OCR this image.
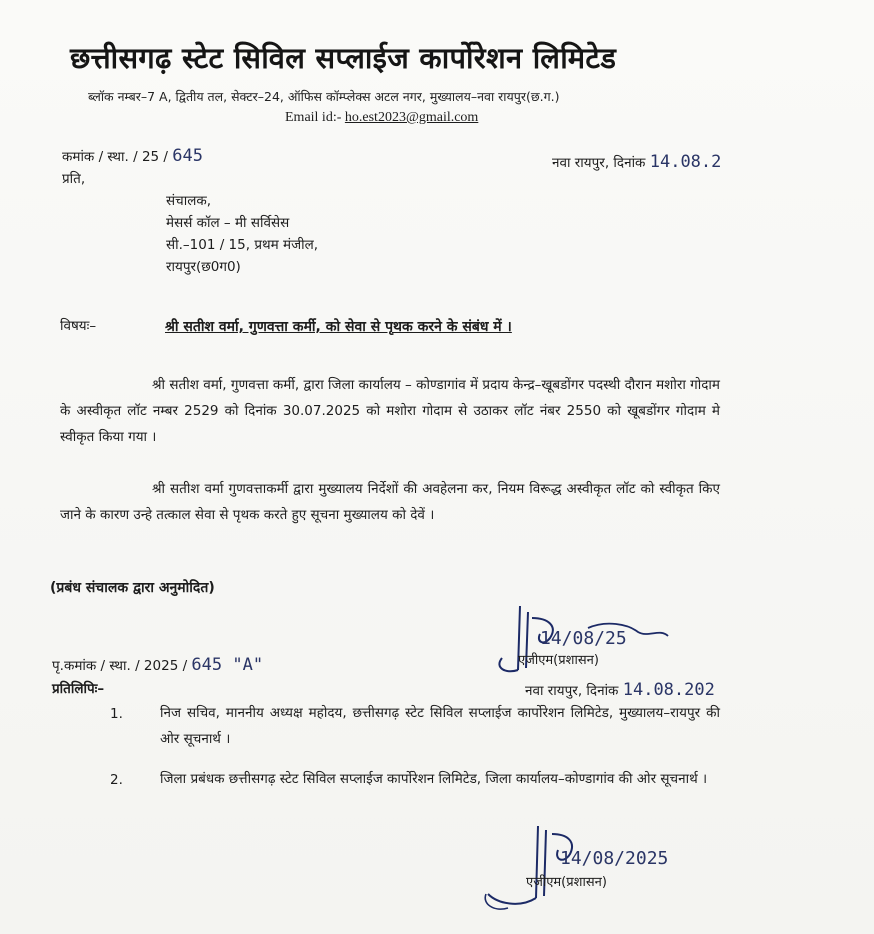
छत्तीसगढ़ स्टेट सिविल सप्लाईज कार्पोरेशन लिमिटेड
ब्लॉक नम्बर–7 A, द्वितीय तल, सेक्टर–24, ऑफिस कॉम्प्लेक्स अटल नगर, मुख्यालय–नवा रायपुर(छ.ग.)
Email id:- ho.est2023@gmail.com
कमांक / स्था. / 25 / 645	नवा रायपुर, दिनांक 14.08.2
प्रति,
संचालक,
मेसर्स कॉल – मी सर्विसेस
सी.–101 / 15, प्रथम मंजील,
रायपुर(छ0ग0)
विषयः–	श्री सतीश वर्मा, गुणवत्ता कर्मी, को सेवा से पृथक करने के संबंध में ।
श्री सतीश वर्मा, गुणवत्ता कर्मी, द्वारा जिला कार्यालय – कोण्डागांव में प्रदाय केन्द्र–खूबडोंगर पदस्थी दौरान मशोरा गोदाम के अस्वीकृत लॉट नम्बर 2529 को दिनांक 30.07.2025 को मशोरा गोदाम से उठाकर लॉट नंबर 2550 को खूबडोंगर गोदाम मे स्वीकृत किया गया ।
श्री सतीश वर्मा गुणवत्ताकर्मी द्वारा मुख्यालय निर्देशों की अवहेलना कर, नियम विरूद्ध अस्वीकृत लॉट को स्वीकृत किए जाने के कारण उन्हे तत्काल सेवा से पृथक करते हुए सूचना मुख्यालय को देवें ।
(प्रबंध संचालक द्वारा अनुमोदित)
14/08/25
एजीएम(प्रशासन)
पृ.कमांक / स्था. / 2025 / 645 "A"
प्रतिलिपिः–	नवा रायपुर, दिनांक 14.08.202
1.	निज सचिव, माननीय अध्यक्ष महोदय, छत्तीसगढ़ स्टेट सिविल सप्लाईज कार्पोरेशन लिमिटेड, मुख्यालय–रायपुर की ओर सूचनार्थ ।
2.	जिला प्रबंधक छत्तीसगढ़ स्टेट सिविल सप्लाईज कार्पोरेशन लिमिटेड, जिला कार्यालय–कोण्डागांव की ओर सूचनार्थ ।
14/08/2025
एजीएम(प्रशासन)
